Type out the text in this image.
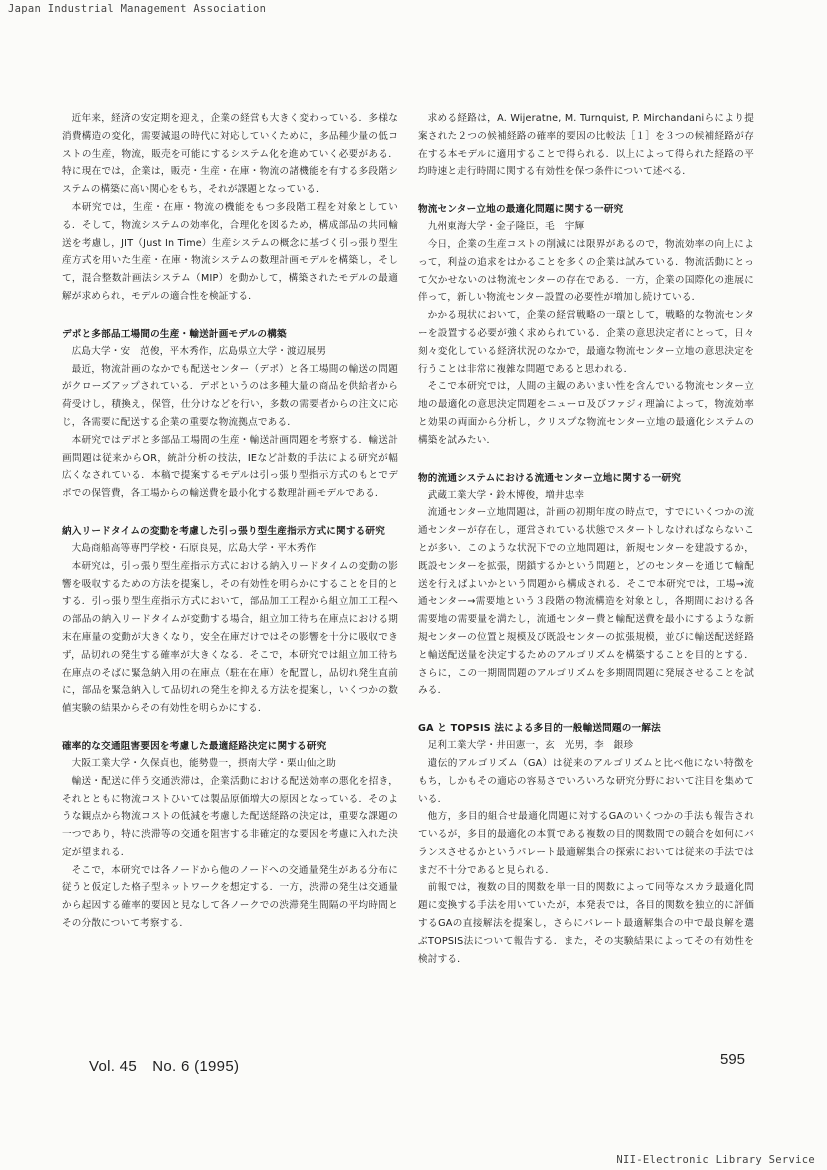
Japan Industrial Management Association

近年来，経済の安定期を迎え，企業の経営も大きく変わっている．多様な消費構造の変化，需要減退の時代に対応していくために，多品種少量の低コストの生産，物流，販売を可能にするシステム化を進めていく必要がある．特に現在では，企業は，販売・生産・在庫・物流の諸機能を有する多段階システムの構築に高い関心をもち，それが課題となっている．

本研究では，生産・在庫・物流の機能をもつ多段階工程を対象としている．そして，物流システムの効率化，合理化を図るため，構成部品の共同輸送を考慮し，JIT（Just In Time）生産システムの概念に基づく引っ張り型生産方式を用いた生産・在庫・物流システムの数理計画モデルを構築し，そして，混合整数計画法システム（MIP）を動かして，構築されたモデルの最適解が求められ，モデルの適合性を検証する．

デポと多部品工場間の生産・輸送計画モデルの構築

広島大学・安　范俊，平木秀作，広島県立大学・渡辺展男

最近，物流計画のなかでも配送センター（デポ）と各工場間の輸送の問題がクローズアップされている．デポというのは多種大量の商品を供給者から荷受けし，積換え，保管，仕分けなどを行い，多数の需要者からの注文に応じ，各需要に配送する企業の重要な物流拠点である．

本研究ではデポと多部品工場間の生産・輸送計画問題を考察する．輸送計画問題は従来からOR，統計分析の技法，IEなど計数的手法による研究が幅広くなされている．本稿で提案するモデルは引っ張り型指示方式のもとでデポでの保管費，各工場からの輸送費を最小化する数理計画モデルである．

納入リードタイムの変動を考慮した引っ張り型生産指示方式に関する研究

大島商船高等専門学校・石原良晃，広島大学・平木秀作

本研究は，引っ張り型生産指示方式における納入リードタイムの変動の影響を吸収するための方法を提案し，その有効性を明らかにすることを目的とする．引っ張り型生産指示方式において，部品加工工程から組立加工工程への部品の納入リードタイムが変動する場合，組立加工待ち在庫点における期末在庫量の変動が大きくなり，安全在庫だけではその影響を十分に吸収できず，品切れの発生する確率が大きくなる．そこで，本研究では組立加工待ち在庫点のそばに緊急納入用の在庫点（駐在在庫）を配置し，品切れ発生直前に，部品を緊急納入して品切れの発生を抑える方法を提案し，いくつかの数値実験の結果からその有効性を明らかにする．

確率的な交通阻害要因を考慮した最適経路決定に関する研究

大阪工業大学・久保貞也，能勢豊一，摂南大学・栗山仙之助

輸送・配送に伴う交通渋滞は，企業活動における配送効率の悪化を招き，それとともに物流コストひいては製品原価増大の原因となっている．そのような観点から物流コストの低減を考慮した配送経路の決定は，重要な課題の一つであり，特に渋滞等の交通を阻害する非確定的な要因を考慮に入れた決定が望まれる．

そこで，本研究では各ノードから他のノードへの交通量発生がある分布に従うと仮定した格子型ネットワークを想定する．一方，渋滞の発生は交通量から起因する確率的要因と見なして各ノークでの渋滞発生間隔の平均時間とその分散について考察する．

求める経路は，A. Wijeratne, M. Turnquist, P. Mirchandaniらにより提案された２つの候補経路の確率的要因の比較法［１］を３つの候補経路が存在する本モデルに適用することで得られる．以上によって得られた経路の平均時速と走行時間に関する有効性を保つ条件について述べる．

物流センター立地の最適化問題に関する一研究

九州東海大学・金子隆臣，毛　宇輝

今日，企業の生産コストの削減には限界があるので，物流効率の向上によって，利益の追求をはかることを多くの企業は試みている．物流活動にとって欠かせないのは物流センターの存在である．一方，企業の国際化の進展に伴って，新しい物流センター設置の必要性が増加し続けている．

かかる現状において，企業の経営戦略の一環として，戦略的な物流センターを設置する必要が強く求められている．企業の意思決定者にとって，日々刻々変化している経済状況のなかで，最適な物流センター立地の意思決定を行うことは非常に複雑な問題であると思われる．

そこで本研究では，人間の主観のあいまい性を含んでいる物流センター立地の最適化の意思決定問題をニューロ及びファジィ理論によって，物流効率と効果の両面から分析し，クリスプな物流センター立地の最適化システムの構築を試みたい．

物的流通システムにおける流通センター立地に関する一研究

武蔵工業大学・鈴木博俊，増井忠幸

流通センター立地問題は，計画の初期年度の時点で，すでにいくつかの流通センターが存在し，運営されている状態でスタートしなければならないことが多い．このような状況下での立地問題は，新規センターを建設するか，既設センターを拡張，閉鎖するかという問題と，どのセンターを通じて輸配送を行えばよいかという問題から構成される．そこで本研究では，工場→流通センター→需要地という３段階の物流構造を対象とし，各期間における各需要地の需要量を満たし，流通センター費と輸配送費を最小にするような新規センターの位置と規模及び既設センターの拡張規模，並びに輸送配送経路と輸送配送量を決定するためのアルゴリズムを構築することを目的とする．さらに，この一期間問題のアルゴリズムを多期間問題に発展させることを試みる．

GA と TOPSIS 法による多目的一般輸送問題の一解法

足利工業大学・井田憲一，玄　光男，李　銀珍

遺伝的アルゴリズム（GA）は従来のアルゴリズムと比べ他にない特徴をもち，しかもその適応の容易さでいろいろな研究分野において注目を集めている．

他方，多目的組合せ最適化問題に対するGAのいくつかの手法も報告されているが，多目的最適化の本質である複数の目的関数間での競合を如何にバランスさせるかというパレート最適解集合の探索においては従来の手法ではまだ不十分であると見られる．

前報では，複数の目的関数を単一目的関数によって同等なスカラ最適化問題に変換する手法を用いていたが，本発表では，各目的関数を独立的に評価するGAの直接解法を提案し，さらにパレート最適解集合の中で最良解を選ぶTOPSIS法について報告する．また，その実験結果によってその有効性を検討する．

Vol. 45　No. 6 (1995)	595
NII-Electronic Library Service
